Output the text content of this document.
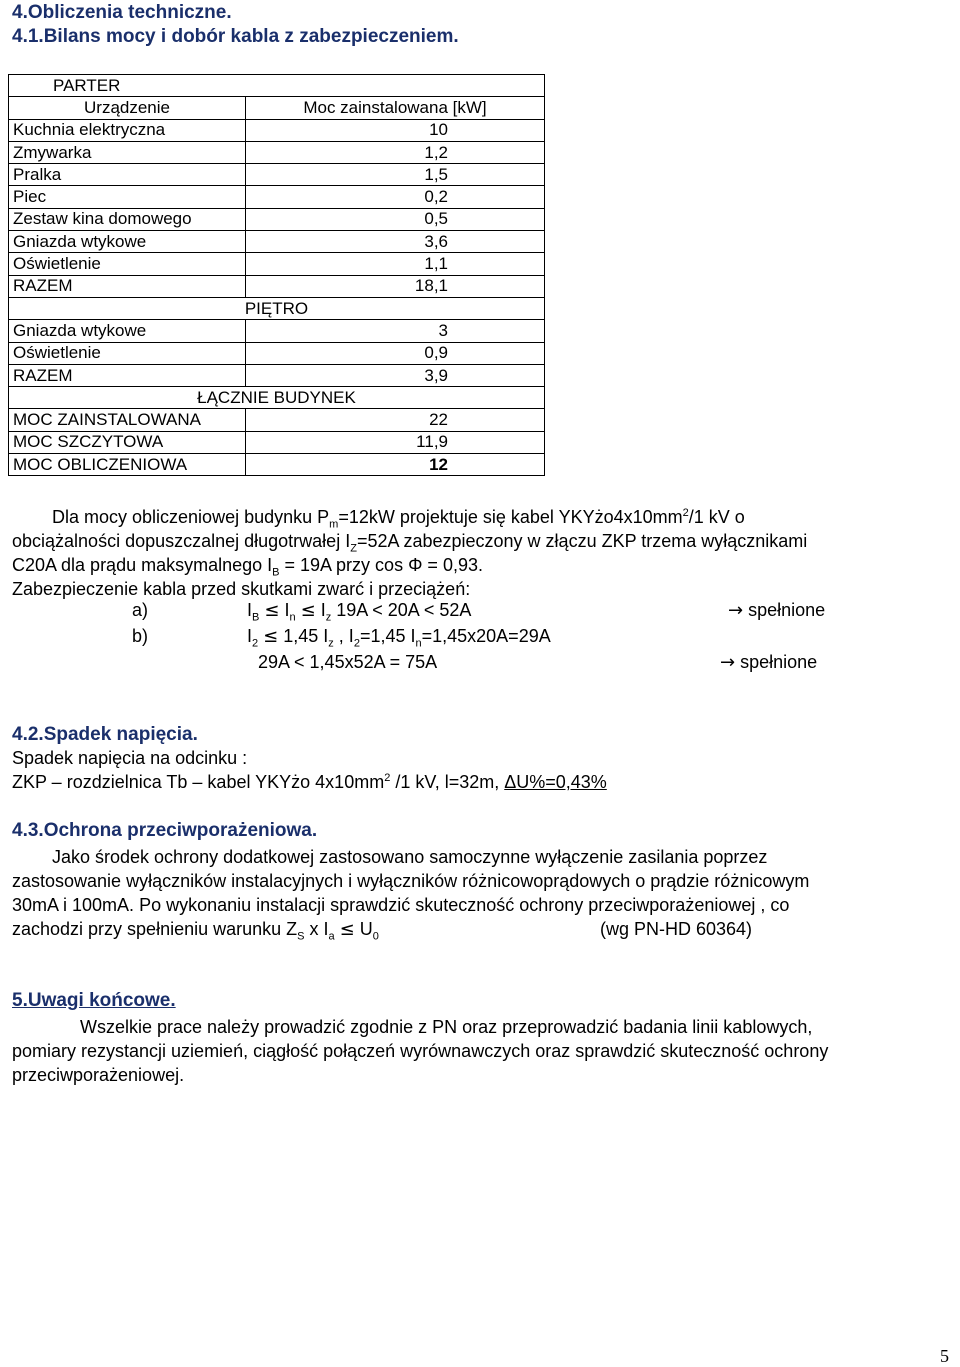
4.Obliczenia techniczne.
4.1.Bilans mocy i dobór kabla z zabezpieczeniem.
PARTER	
Urządzenie	Moc zainstalowana [kW]
Kuchnia elektryczna	10
Zmywarka	1,2
Pralka	1,5
Piec	0,2
Zestaw kina domowego	0,5
Gniazda wtykowe	3,6
Oświetlenie	1,1
RAZEM	18,1
PIĘTRO	
Gniazda wtykowe	3
Oświetlenie	0,9
RAZEM	3,9
ŁĄCZNIE BUDYNEK	
MOC ZAINSTALOWANA	22
MOC SZCZYTOWA	11,9
MOC OBLICZENIOWA	12
Dla mocy obliczeniowej budynku $P_m=12kW$ projektuje się kabel $YKYżo4x10mm^2/1$ kV o
obciążalności dopuszczalnej długotrwałej $I_Z=52A$ zabezpieczony w złączu ZKP trzema wyłącznikami
C20A dla prądu maksymalnego $I_B = 19A$ przy cos Φ = 0,93.
Zabezpieczenie kabla przed skutkami zwarć i przeciążeń:
a)	$I_B \le I_n \le I_z$ 19A < 20A < 52A	→ spełnione
b)	$I_2 \le 1,45$ $I_z$ , $I_2=1,45$ $I_n=1,45x20A=29A$
29A < 1,45x52A = 75A	→ spełnione
4.2.Spadek napięcia.
Spadek napięcia na odcinku :
ZKP – rozdzielnica Tb – kabel YKYżo $4x10mm^2$ /1 kV, l=32m, ΔU%=0,43%
4.3.Ochrona przeciwporażeniowa.
Jako środek ochrony dodatkowej zastosowano samoczynne wyłączenie zasilania poprzez
zastosowanie wyłączników instalacyjnych i wyłączników różnicowoprądowych o prądzie różnicowym
30mA i 100mA. Po wykonaniu instalacji sprawdzić skuteczność ochrony przeciwporażeniowej , co
zachodzi przy spełnieniu warunku $Z_S$ x $I_a \le U_0$	(wg PN-HD 60364)
5.Uwagi końcowe.
Wszelkie prace należy prowadzić zgodnie z PN oraz przeprowadzić badania linii kablowych,
pomiary rezystancji uziemień, ciągłość połączeń wyrównawczych oraz sprawdzić skuteczność ochrony
przeciwporażeniowej.
5
